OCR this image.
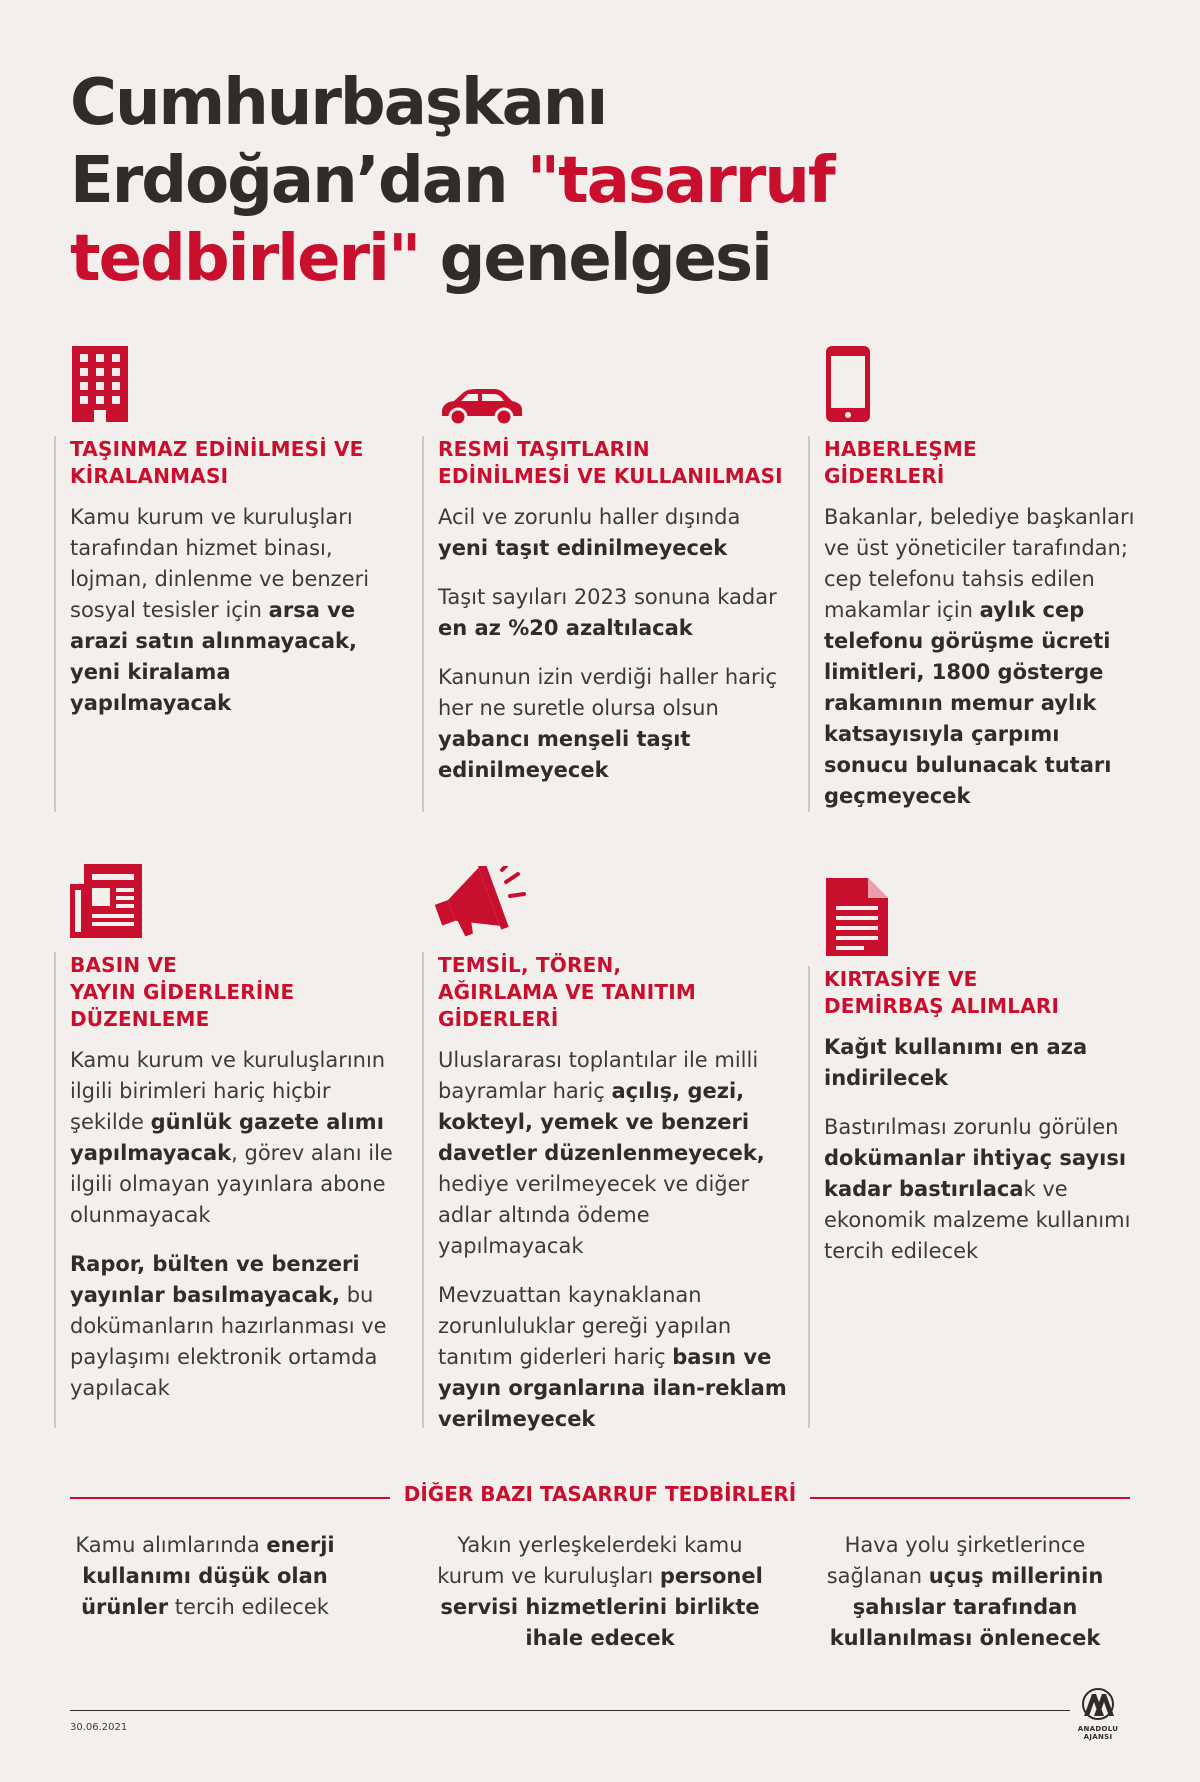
Cumhurbaşkanı
Erdoğan’dan "tasarruf
tedbirleri" genelgesi
TAŞINMAZ EDİNİLMESİ VE
KİRALANMASI

Kamu kurum ve kuruluşları tarafından hizmet binası, lojman, dinlenme ve benzeri sosyal tesisler için arsa ve arazi satın alınmayacak, yeni kiralama yapılmayacak

RESMİ TAŞITLARIN
EDİNİLMESİ VE KULLANILMASI

Acil ve zorunlu haller dışında yeni taşıt edinilmeyecek

Taşıt sayıları 2023 sonuna kadar en az %20 azaltılacak

Kanunun izin verdiği haller hariç her ne suretle olursa olsun yabancı menşeli taşıt edinilmeyecek

HABERLEŞME
GİDERLERİ

Bakanlar, belediye başkanları ve üst yöneticiler tarafından; cep telefonu tahsis edilen makamlar için aylık cep telefonu görüşme ücreti limitleri, 1800 gösterge rakamının memur aylık katsayısıyla çarpımı sonucu bulunacak tutarı geçmeyecek

BASIN VE
YAYIN GİDERLERİNE
DÜZENLEME

Kamu kurum ve kuruluşlarının ilgili birimleri hariç hiçbir şekilde günlük gazete alımı yapılmayacak, görev alanı ile ilgili olmayan yayınlara abone olunmayacak

Rapor, bülten ve benzeri yayınlar basılmayacak, bu dokümanların hazırlanması ve paylaşımı elektronik ortamda yapılacak

TEMSİL, TÖREN,
AĞIRLAMA VE TANITIM
GİDERLERİ

Uluslararası toplantılar ile milli bayramlar hariç açılış, gezi, kokteyl, yemek ve benzeri davetler düzenlenmeyecek, hediye verilmeyecek ve diğer adlar altında ödeme yapılmayacak

Mevzuattan kaynaklanan zorunluluklar gereği yapılan tanıtım giderleri hariç basın ve yayın organlarına ilan-reklam verilmeyecek

KIRTASİYE VE
DEMİRBAŞ ALIMLARI

Kağıt kullanımı en aza indirilecek

Bastırılması zorunlu görülen dokümanlar ihtiyaç sayısı kadar bastırılacak ve ekonomik malzeme kullanımı tercih edilecek

DİĞER BAZI TASARRUF TEDBİRLERİ
Kamu alımlarında enerji kullanımı düşük olan ürünler tercih edilecek
Yakın yerleşkelerdeki kamu kurum ve kuruluşları personel servisi hizmetlerini birlikte ihale edecek
Hava yolu şirketlerince sağlanan uçuş millerinin şahıslar tarafından kullanılması önlenecek
30.06.2021	ANADOLU AJANSI
